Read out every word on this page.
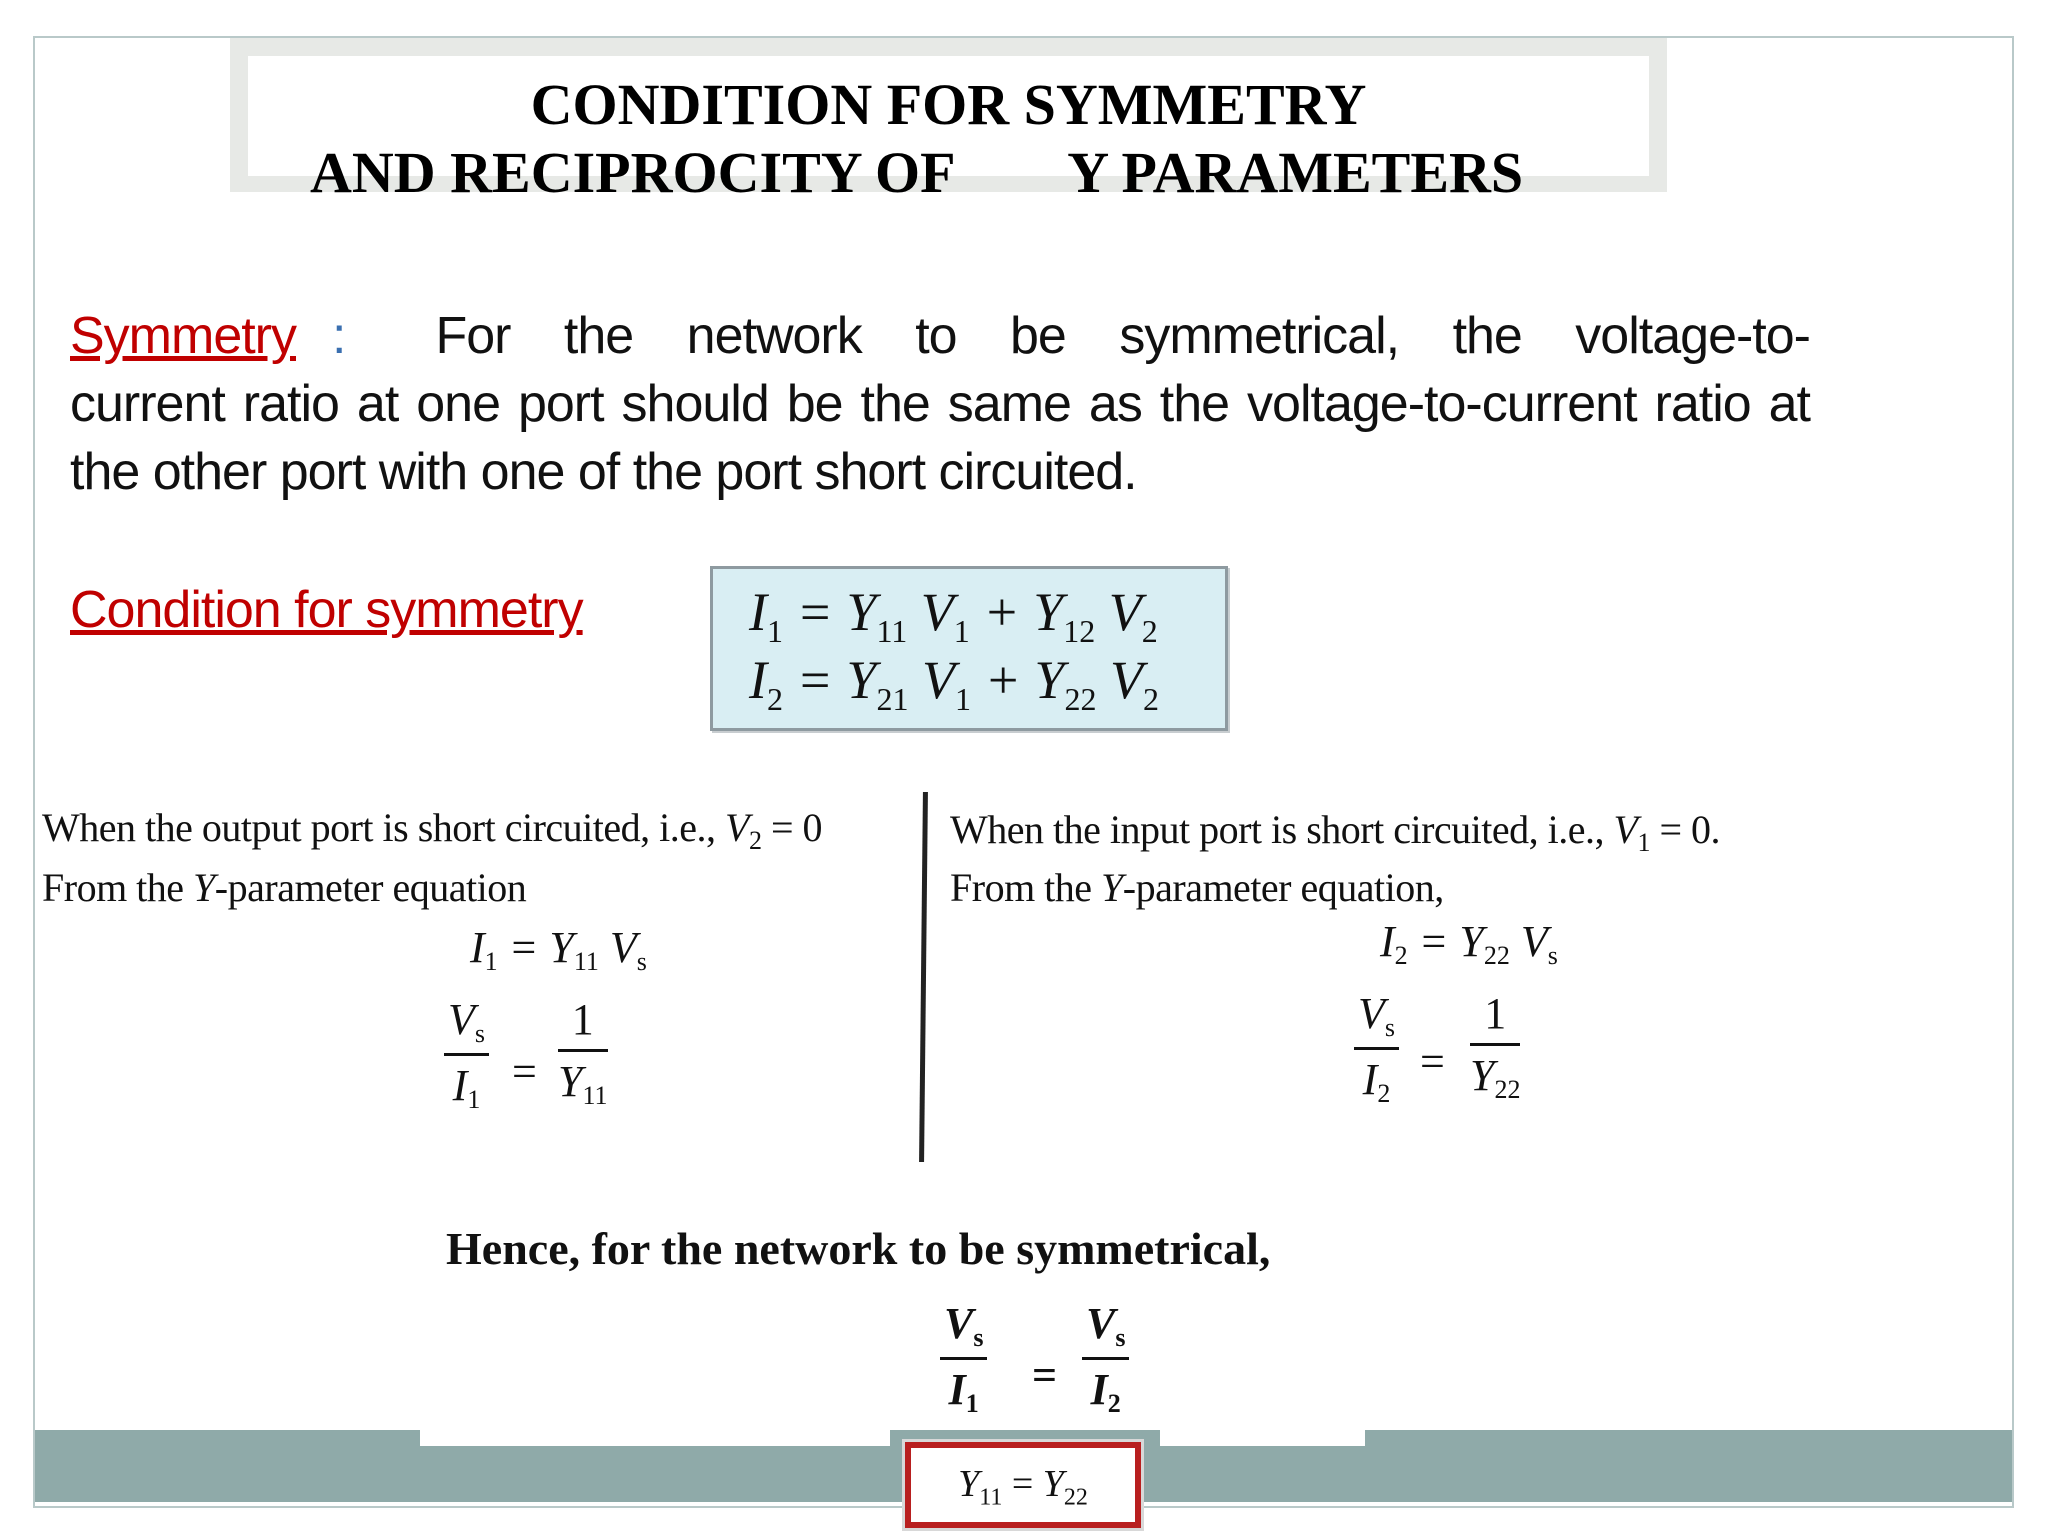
CONDITION FOR SYMMETRY
AND RECIPROCITY OF        Y PARAMETERS
Symmetry : For the network to be symmetrical, the voltage-to-
current ratio at one port should be the same as the voltage-to-current ratio at
the other port with one of the port short circuited.
Condition for symmetry	$I_1 = Y_{11}$ $V_1 + Y_{12}$ $V_2$
$I_2 = Y_{21}$ $V_1 + Y_{22}$ $V_2$
When the output port is short circuited, i.e., $V_2 = 0$
From the Y-parameter equation
$I_1 = Y_{11}$ $V_s$
$\frac{V_s}{I_1} = \frac{1}{Y_{11}}$
When the input port is short circuited, i.e., $V_1 = 0$.
From the Y-parameter equation,
$I_2 = Y_{22}$ $V_s$
$\frac{V_s}{I_2} = \frac{1}{Y_{22}}$
Hence, for the network to be symmetrical,
$\frac{V_s}{I_1} = \frac{V_s}{I_2}$
$Y_{11} = Y_{22}$
